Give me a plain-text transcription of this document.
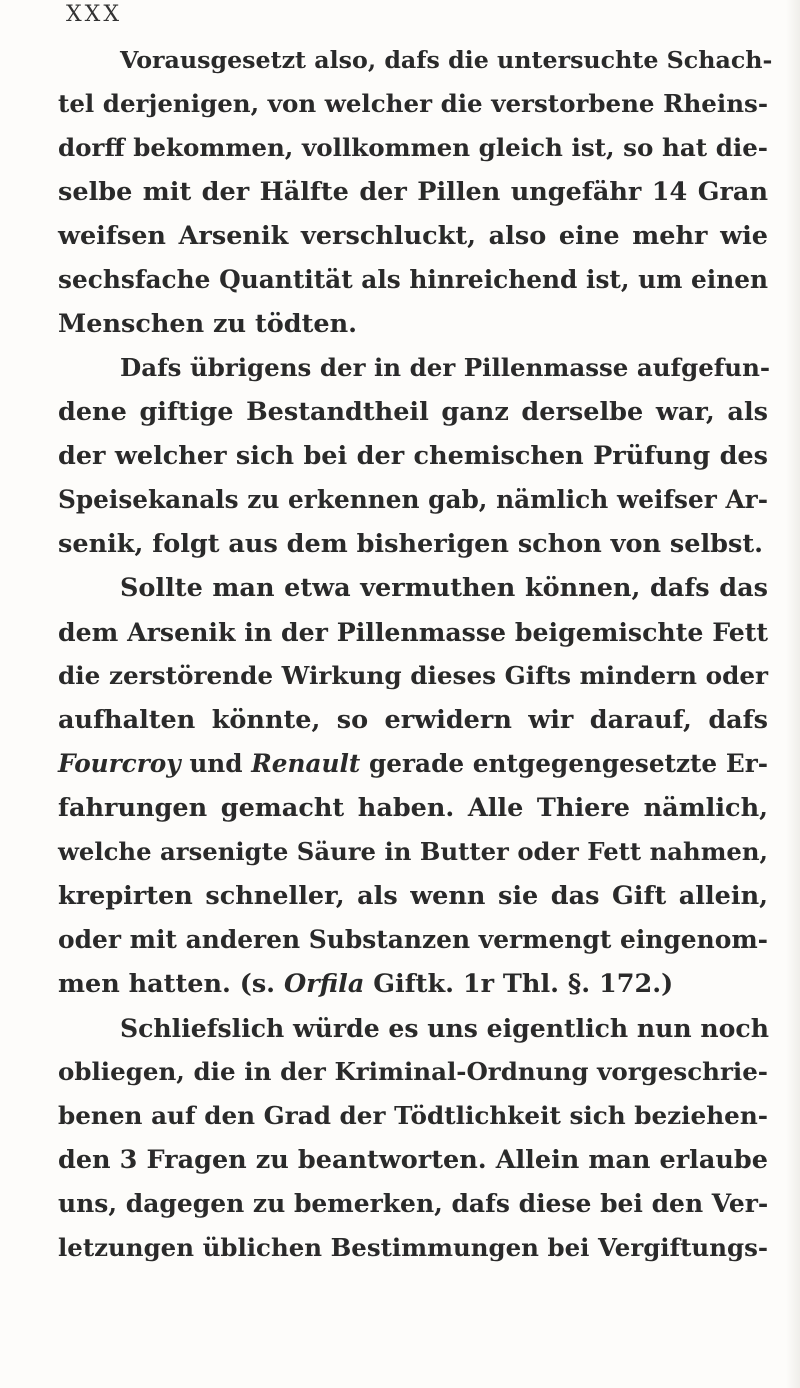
XXX
Vorausgesetzt also, dafs die untersuchte Schach-
tel derjenigen, von welcher die verstorbene Rheins-
dorff bekommen, vollkommen gleich ist, so hat die-
selbe mit der Hälfte der Pillen ungefähr 14 Gran
weifsen Arsenik verschluckt, also eine mehr wie
sechsfache Quantität als hinreichend ist, um einen
Menschen zu tödten.
Dafs übrigens der in der Pillenmasse aufgefun-
dene giftige Bestandtheil ganz derselbe war, als
der welcher sich bei der chemischen Prüfung des
Speisekanals zu erkennen gab, nämlich weifser Ar-
senik, folgt aus dem bisherigen schon von selbst.
Sollte man etwa vermuthen können, dafs das
dem Arsenik in der Pillenmasse beigemischte Fett
die zerstörende Wirkung dieses Gifts mindern oder
aufhalten könnte, so erwidern wir darauf, dafs
Fourcroy und Renault gerade entgegengesetzte Er-
fahrungen gemacht haben. Alle Thiere nämlich,
welche arsenigte Säure in Butter oder Fett nahmen,
krepirten schneller, als wenn sie das Gift allein,
oder mit anderen Substanzen vermengt eingenom-
men hatten. (s. Orfila Giftk. 1r Thl. §. 172.)
Schliefslich würde es uns eigentlich nun noch
obliegen, die in der Kriminal-Ordnung vorgeschrie-
benen auf den Grad der Tödtlichkeit sich beziehen-
den 3 Fragen zu beantworten. Allein man erlaube
uns, dagegen zu bemerken, dafs diese bei den Ver-
letzungen üblichen Bestimmungen bei Vergiftungs-
